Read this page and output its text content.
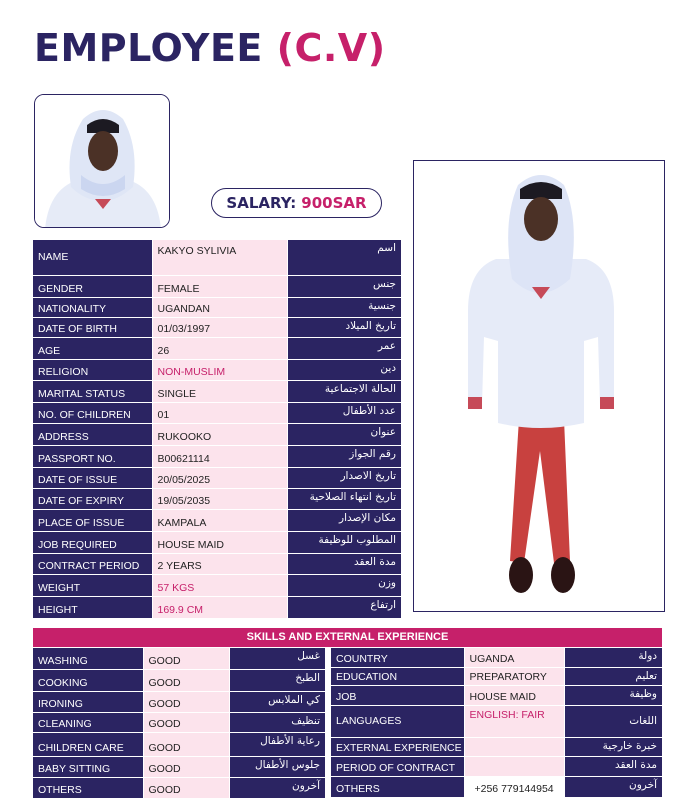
EMPLOYEE (C.V)
SALARY: 900SAR
NAME	KAKYO SYLIVIA	اسم
GENDER	FEMALE	جنس
NATIONALITY	UGANDAN	جنسية
DATE OF BIRTH	01/03/1997	تاريخ الميلاد
AGE	26	عمر
RELIGION	NON-MUSLIM	دين
MARITAL STATUS	SINGLE	الحالة الاجتماعية
NO. OF CHILDREN	01	عدد الأطفال
ADDRESS	RUKOOKO	عنوان
PASSPORT NO.	B00621114	رقم الجواز
DATE OF ISSUE	20/05/2025	تاريخ الاصدار
DATE OF EXPIRY	19/05/2035	تاريخ انتهاء الصلاحية
PLACE OF ISSUE	KAMPALA	مكان الإصدار
JOB REQUIRED	HOUSE MAID	المطلوب للوظيفة
CONTRACT PERIOD	2 YEARS	مدة العقد
WEIGHT	57 KGS	وزن
HEIGHT	169.9 CM	ارتفاع
SKILLS AND EXTERNAL EXPERIENCE
WASHING	GOOD	غسل
COOKING	GOOD	الطبخ
IRONING	GOOD	كي الملابس
CLEANING	GOOD	تنظيف
CHILDREN CARE	GOOD	رعاية الأطفال
BABY SITTING	GOOD	جلوس الأطفال
OTHERS	GOOD	آخرون
COUNTRY	UGANDA	دولة
EDUCATION	PREPARATORY	تعليم
JOB	HOUSE MAID	وظيفة
LANGUAGES	ENGLISH: FAIR	اللغات
EXTERNAL EXPERIENCE		خبرة خارجية
PERIOD OF CONTRACT		مدة العقد
OTHERS	+256 779144954	آخرون
